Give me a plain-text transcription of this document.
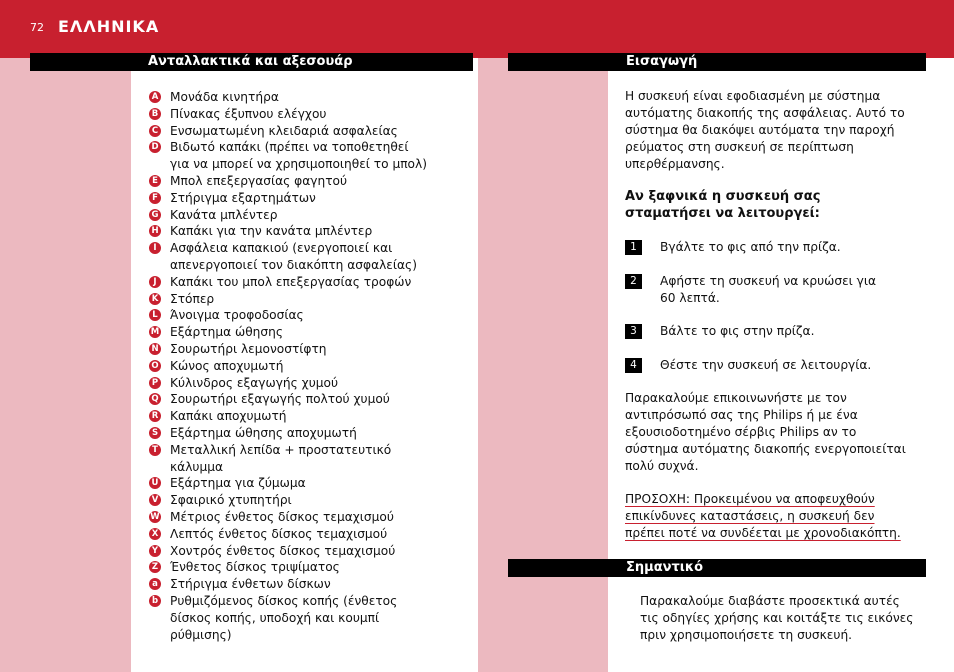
72 ΕΛΛΗΝΙΚΑ
Ανταλλακτικά και αξεσουάρ
A Μονάδα κινητήρα
B Πίνακας έξυπνου ελέγχου
C Ενσωματωμένη κλειδαριά ασφαλείας
D Βιδωτό καπάκι (πρέπει να τοποθετηθεί
για να μπορεί να χρησιμοποιηθεί το μπολ)
E Μπολ επεξεργασίας φαγητού
F Στήριγμα εξαρτημάτων
G Κανάτα μπλέντερ
H Καπάκι για την κανάτα μπλέντερ
I	Ασφάλεια καπακιού (ενεργοποιεί και
απενεργοποιεί τον διακόπτη ασφαλείας)
J	Καπάκι του μπολ επεξεργασίας τροφών
K Στόπερ
L Άνοιγμα τροφοδοσίας
M Εξάρτημα ώθησης
N Σουρωτήρι λεμονοστίφτη
O Κώνος αποχυμωτή
P Κύλινδρος εξαγωγής χυμού
Q Σουρωτήρι εξαγωγής πολτού χυμού
R Καπάκι αποχυμωτή
S Εξάρτημα ώθησης αποχυμωτή
T Μεταλλική λεπίδα + προστατευτικό
κάλυμμα
U Εξάρτημα για ζύμωμα
V Σφαιρικό χτυπητήρι
W Μέτριος ένθετος δίσκος τεμαχισμού
X Λεπτός ένθετος δίσκος τεμαχισμού
Y Χοντρός ένθετος δίσκος τεμαχισμού
Z Ένθετος δίσκος τριψίματος
a Στήριγμα ένθετων δίσκων
b Ρυθμιζόμενος δίσκος κοπής (ένθετος
δίσκος κοπής, υποδοχή και κουμπί
ρύθμισης)
Εισαγωγή

Η συσκευή είναι εφοδιασμένη με σύστημα
αυτόματης διακοπής της ασφάλειας. Αυτό το
σύστημα θα διακόψει αυτόματα την παροχή
ρεύματος στη συσκευή σε περίπτωση
υπερθέρμανσης.

Αν ξαφνικά η συσκευή σας
σταματήσει να λειτουργεί:

1	Βγάλτε το φις από την πρίζα.
2	Αφήστε τη συσκευή να κρυώσει για
60 λεπτά.
3	Βάλτε το φις στην πρίζα.
4	Θέστε την συσκευή σε λειτουργία.

Παρακαλούμε επικοινωνήστε με τον
αντιπρόσωπό σας της Philips ή με ένα
εξουσιοδοτημένο σέρβις Philips αν το
σύστημα αυτόματης διακοπής ενεργοποιείται
πολύ συχνά.

ΠΡΟΣΟΧΗ: Προκειμένου να αποφευχθούν
επικίνδυνες καταστάσεις, η συσκευή δεν
πρέπει ποτέ να συνδέεται με χρονοδιακόπτη.

Σημαντικό

Παρακαλούμε διαβάστε προσεκτικά αυτές
τις οδηγίες χρήσης και κοιτάξτε τις εικόνες
πριν χρησιμοποιήσετε τη συσκευή.
